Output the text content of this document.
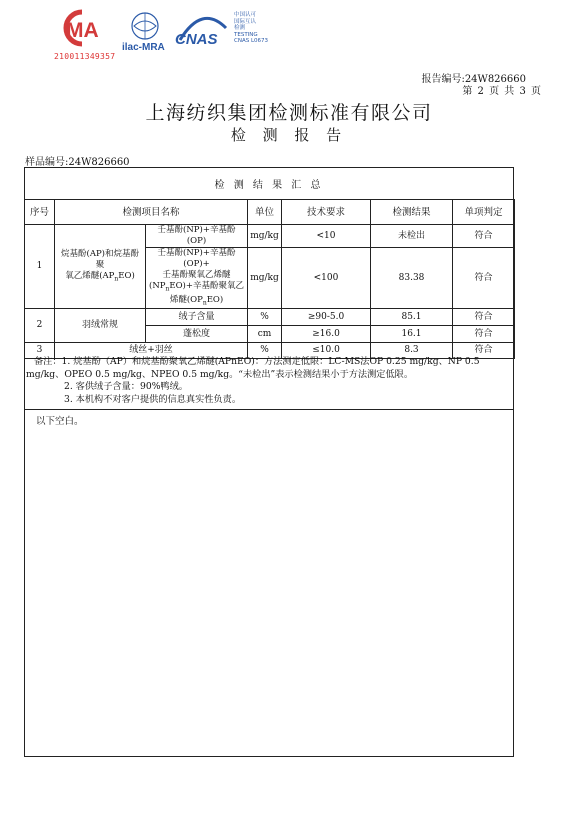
MA
210011349357
ilac-MRA CNAS
中国认可
国际互认
检测
TESTING
CNAS L0673
报告编号:24W826660
第 2 页 共 3 页
上海纺织集团检测标准有限公司
检 测 报 告
样品编号:24W826660
检 测 结 果 汇 总
序号	检测项目名称		单位	技术要求	检测结果	单项判定
1	烷基酚(AP)和烷基酚聚
氧乙烯醚$(AP_nEO)$	壬基酚(NP)+辛基酚(OP)	mg/kg	<10	未检出	符合
		壬基酚(NP)+辛基酚(OP)+
壬基酚聚氧乙烯醚
$(NP_nEO)+$辛基酚聚氧乙
烯醚$(OP_nEO)$	mg/kg	<100	83.38	符合
2	羽绒常规	绒子含量	%	≥90-5.0	85.1	符合
		蓬松度	cm	≥16.0	16.1	符合
3	绒丝+羽丝		%	≤10.0	8.3	符合
备注：1. 烷基酚（AP）和烷基酚聚氧乙烯醚(APnEO)：方法测定低限：LC-MS法OP 0.25 mg/kg、NP 0.5
mg/kg、OPEO 0.5 mg/kg、NPEO 0.5 mg/kg。“未检出”表示检测结果小于方法测定低限。
2. 客供绒子含量：90%鸭绒。
3. 本机构不对客户提供的信息真实性负责。
以下空白。
